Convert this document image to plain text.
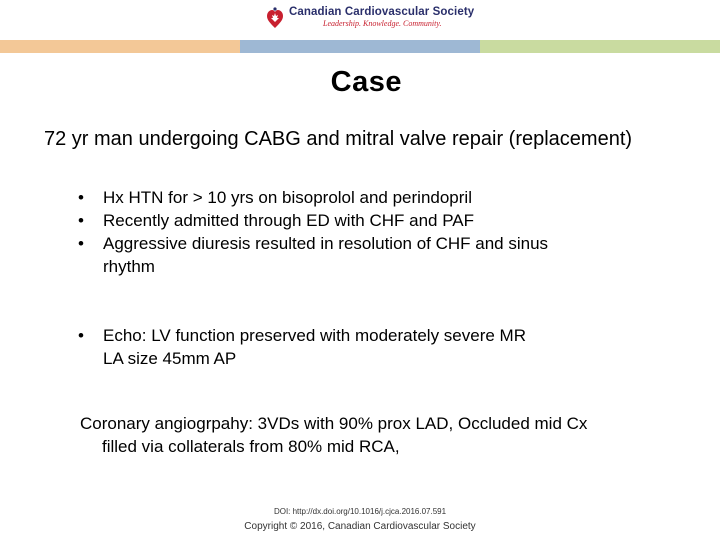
Canadian Cardiovascular Society
Leadership. Knowledge. Community.
Case
72 yr man undergoing CABG and mitral valve repair (replacement)
• Hx HTN for > 10 yrs on bisoprolol and perindopril
• Recently admitted through ED with CHF and PAF
• Aggressive diuresis resulted in resolution of CHF and sinus
rhythm
• Echo: LV function preserved with moderately severe MR
LA size 45mm AP
Coronary angiogrpahy: 3VDs with 90% prox LAD, Occluded mid Cx
filled via collaterals from 80% mid RCA,
DOI: http://dx.doi.org/10.1016/j.cjca.2016.07.591
Copyright © 2016, Canadian Cardiovascular Society
